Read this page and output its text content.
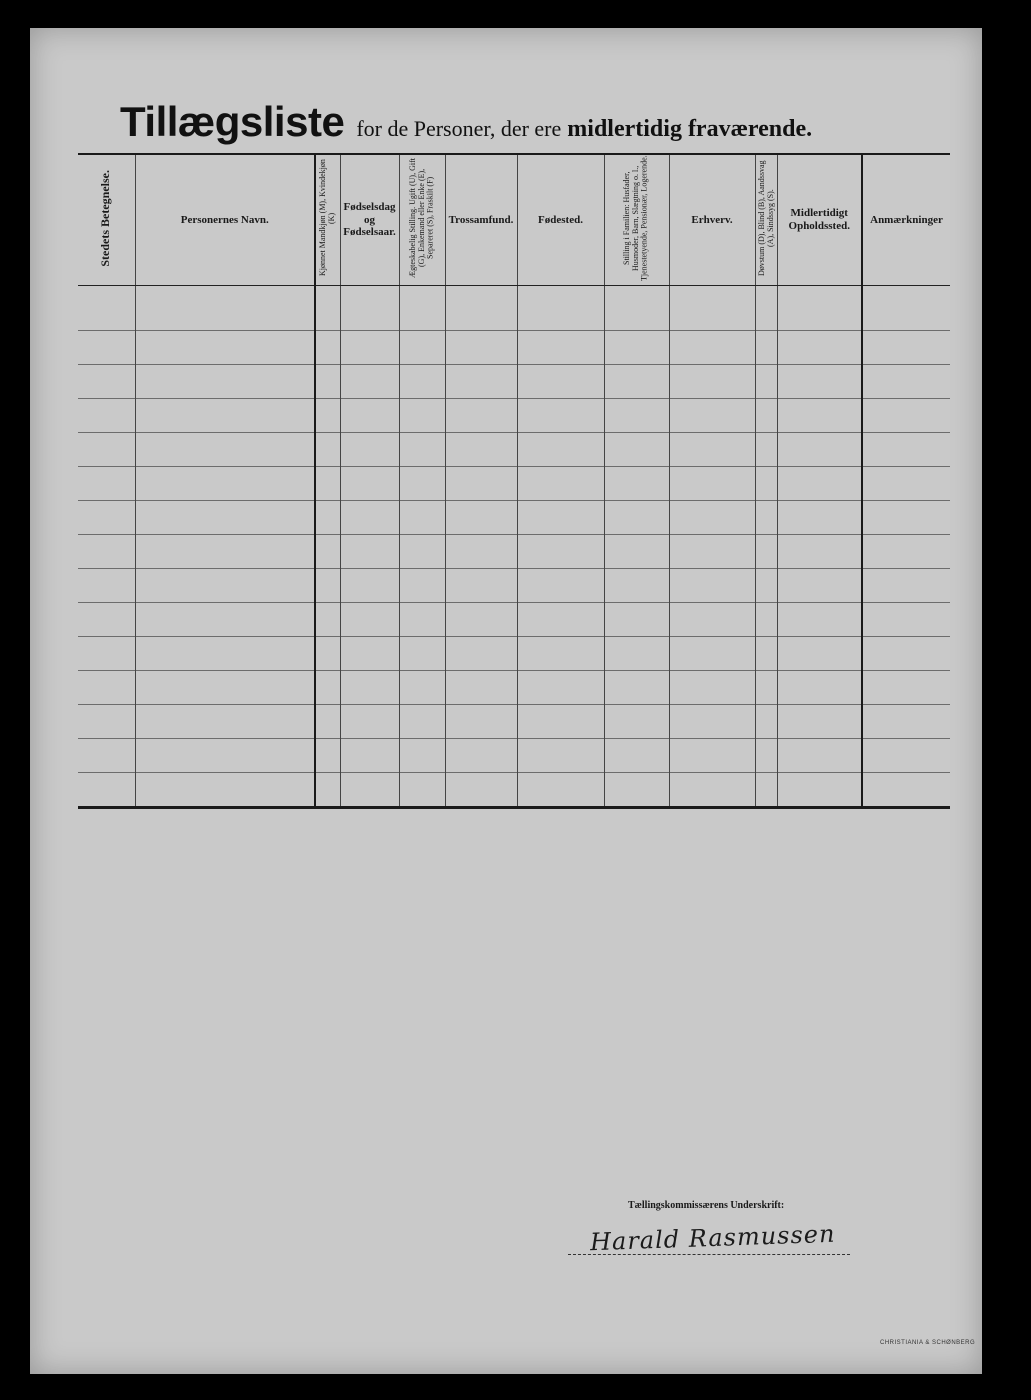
Tillægsliste for de Personer, der ere midlertidig fraværende.
Stedets Betegnelse.	Personernes Navn.	Kjønnet Mandkjøn (M), Kvindekjøn (K)	Fødselsdag og Fødselsaar.	Ægteskabelig Stilling. Ugift (U), Gift (G), Enkemand eller Enke (E), Separeret (S), Fraskilt (F)	Trossamfund.	Fødested.	Stilling i Familien: Husfader, Husmoder, Barn, Slægtning o. l., Tjenestetyende, Pensionær, Logerende.	Erhverv.	Døvstum (D), Blind (B), Aandssvag (A), Sindssyg (S).	Midlertidigt Opholdssted.	Anmærkninger

Tællingskommissærens Underskrift:
Harald Rasmussen
CHRISTIANIA & SCHØNBERG
